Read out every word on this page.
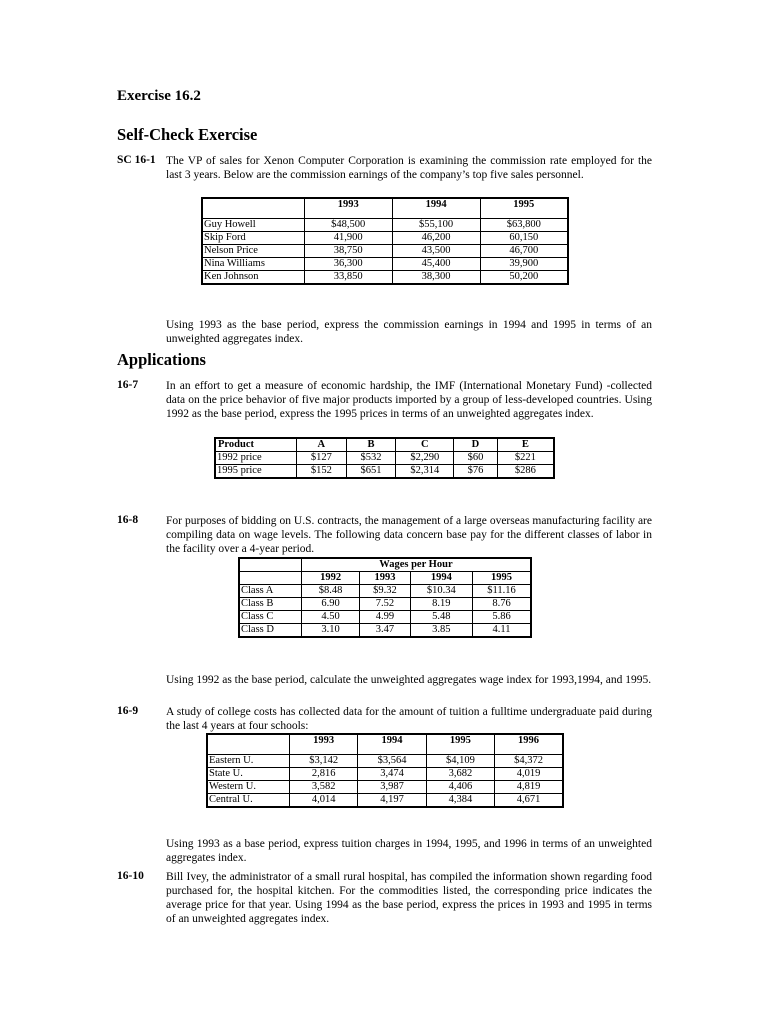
Exercise 16.2
Self-Check Exercise
SC 16-1 The VP of sales for Xenon Computer Corporation is examining the commission rate employed for the last 3 years. Below are the commission earnings of the company’s top five sales personnel.
	1993	1994	1995
Guy Howell	$48,500	$55,100	$63,800
Skip Ford	41,900	46,200	60,150
Nelson Price	38,750	43,500	46,700
Nina Williams	36,300	45,400	39,900
Ken Johnson	33,850	38,300	50,200
Using 1993 as the base period, express the commission earnings in 1994 and 1995 in terms of an unweighted aggregates index.
Applications
16-7 In an effort to get a measure of economic hardship, the IMF (International Monetary Fund) -collected data on the price behavior of five major products imported by a group of less-developed countries. Using 1992 as the base period, express the 1995 prices in terms of an unweighted aggregates index.
Product	A	B	C	D	E
1992 price	$127	$532	$2,290	$60	$221
1995 price	$152	$651	$2,314	$76	$286
16-8 For purposes of bidding on U.S. contracts, the management of a large overseas manufacturing facility are compiling data on wage levels. The following data concern base pay for the different classes of labor in the facility over a 4-year period.
	Wages per Hour			
	1992	1993	1994	1995
Class A	$8.48	$9.32	$10.34	$11.16
Class B	6.90	7.52	8.19	8.76
Class C	4.50	4.99	5.48	5.86
Class D	3.10	3.47	3.85	4.11
Using 1992 as the base period, calculate the unweighted aggregates wage index for 1993,1994, and 1995.
16-9 A study of college costs has collected data for the amount of tuition a fulltime undergraduate paid during the last 4 years at four schools:
	1993	1994	1995	1996
Eastern U.	$3,142	$3,564	$4,109	$4,372
State U.	2,816	3,474	3,682	4,019
Western U.	3,582	3,987	4,406	4,819
Central U.	4,014	4,197	4,384	4,671
Using 1993 as a base period, express tuition charges in 1994, 1995, and 1996 in terms of an unweighted aggregates index.
16-10 Bill Ivey, the administrator of a small rural hospital, has compiled the information shown regarding food purchased for, the hospital kitchen. For the commodities listed, the corresponding price indicates the average price for that year. Using 1994 as the base period, express the prices in 1993 and 1995 in terms of an unweighted aggregates index.
